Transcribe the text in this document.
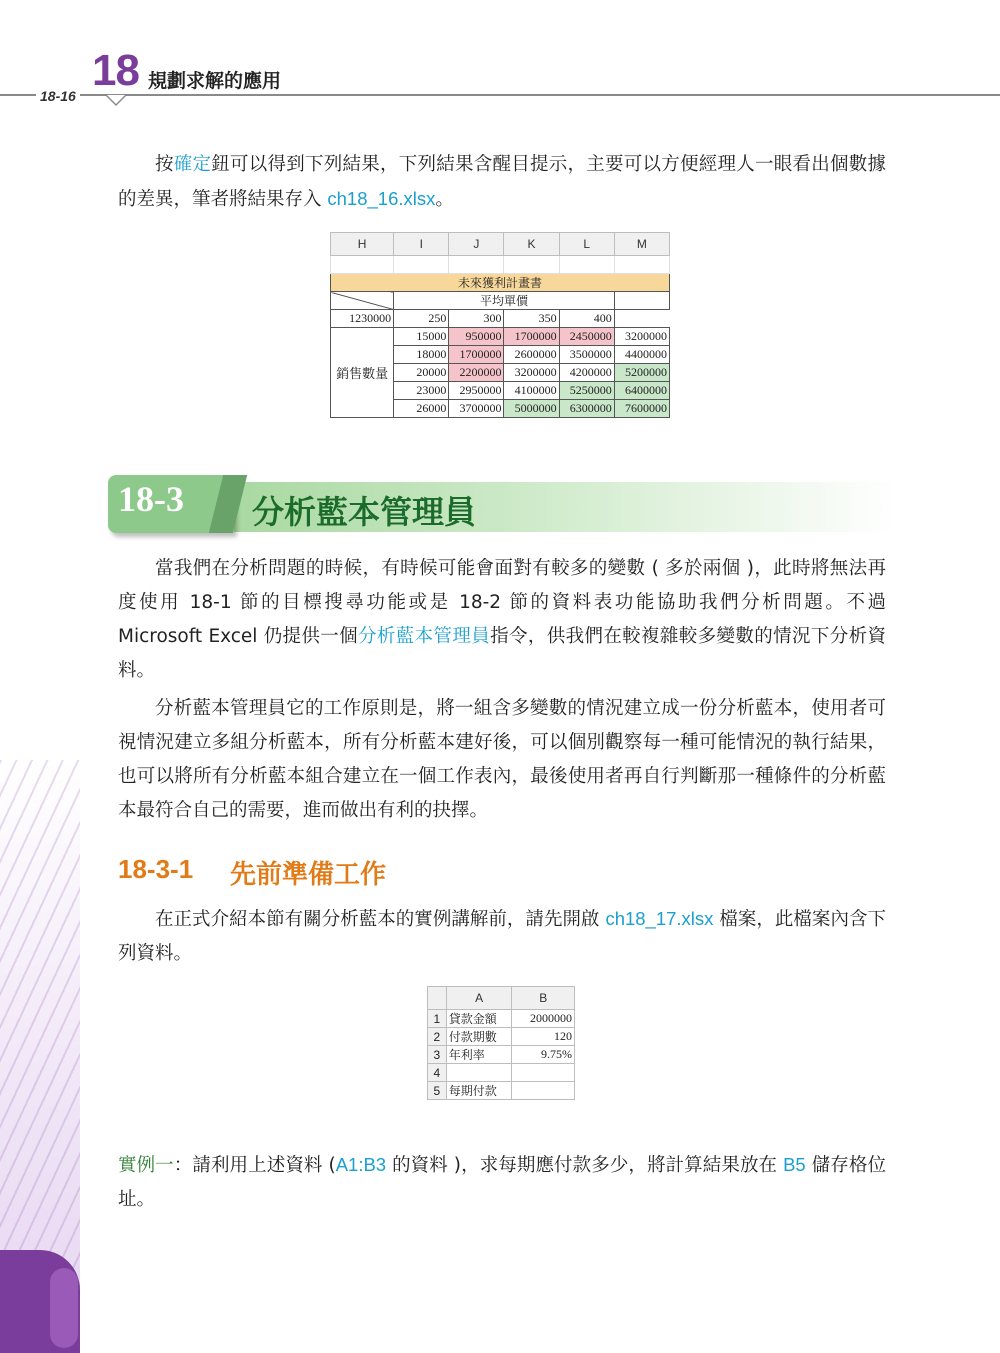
18-16
18 規劃求解的應用
按確定鈕可以得到下列結果，下列結果含醒目提示，主要可以方便經理人一眼看出個數據的差異，筆者將結果存入 ch18_16.xlsx。
H	I	J	K	L	M

未來獲利計畫書					
	平均單價				
1230000	250	300	350	400	
銷售數量	15000	950000	1700000	2450000	3200000
	18000	1700000	2600000	3500000	4400000
	20000	2200000	3200000	4200000	5200000
	23000	2950000	4100000	5250000	6400000
	26000	3700000	5000000	6300000	7600000
18-3 分析藍本管理員
當我們在分析問題的時候，有時候可能會面對有較多的變數 ( 多於兩個 )，此時將無法再度使用 18-1 節的目標搜尋功能或是 18-2 節的資料表功能協助我們分析問題。不過 Microsoft Excel 仍提供一個分析藍本管理員指令，供我們在較複雜較多變數的情況下分析資料。
分析藍本管理員它的工作原則是，將一組含多變數的情況建立成一份分析藍本，使用者可視情況建立多組分析藍本，所有分析藍本建好後，可以個別觀察每一種可能情況的執行結果，也可以將所有分析藍本組合建立在一個工作表內，最後使用者再自行判斷那一種條件的分析藍本最符合自己的需要，進而做出有利的抉擇。
18-3-1 先前準備工作
在正式介紹本節有關分析藍本的實例講解前，請先開啟 ch18_17.xlsx 檔案，此檔案內含下列資料。
	A	B
1	貸款金額	2000000
2	付款期數	120
3	年利率	9.75%
4		
5	每期付款	
實例一：請利用上述資料 (A1:B3 的資料 )，求每期應付款多少，將計算結果放在 B5 儲存格位址。
